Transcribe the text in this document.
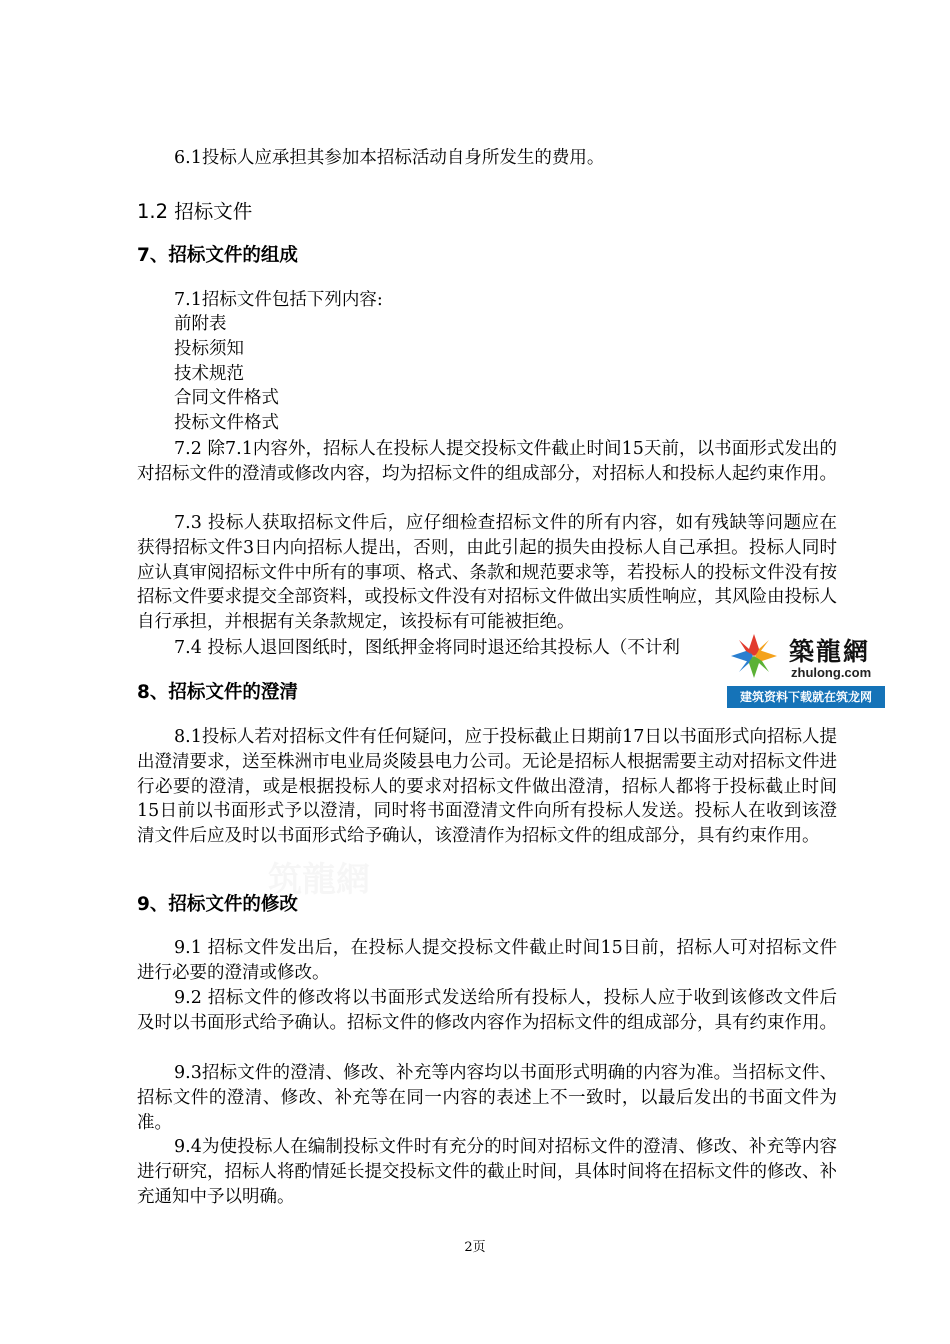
6.1投标人应承担其参加本招标活动自身所发生的费用。

1.2 招标文件
7、招标文件的组成

7.1招标文件包括下列内容:

前附表
投标须知
技术规范
合同文件格式
投标文件格式

7.2 除7.1内容外，招标人在投标人提交投标文件截止时间15天前，以书面形式发出的对招标文件的澄清或修改内容，均为招标文件的组成部分，对招标人和投标人起约束作用。

7.3 投标人获取招标文件后，应仔细检查招标文件的所有内容，如有残缺等问题应在获得招标文件3日内向招标人提出，否则，由此引起的损失由投标人自己承担。投标人同时应认真审阅招标文件中所有的事项、格式、条款和规范要求等，若投标人的投标文件没有按招标文件要求提交全部资料，或投标文件没有对招标文件做出实质性响应，其风险由投标人自行承担，并根据有关条款规定，该投标有可能被拒绝。

7.4 投标人退回图纸时，图纸押金将同时退还给其投标人（不计利

8、招标文件的澄清

8.1投标人若对招标文件有任何疑问，应于投标截止日期前17日以书面形式向招标人提出澄清要求，送至株洲市电业局炎陵县电力公司。无论是招标人根据需要主动对招标文件进行必要的澄清，或是根据投标人的要求对招标文件做出澄清，招标人都将于投标截止时间15日前以书面形式予以澄清，同时将书面澄清文件向所有投标人发送。投标人在收到该澄清文件后应及时以书面形式给予确认，该澄清作为招标文件的组成部分，具有约束作用。

9、招标文件的修改

9.1 招标文件发出后，在投标人提交投标文件截止时间15日前，招标人可对招标文件进行必要的澄清或修改。

9.2 招标文件的修改将以书面形式发送给所有投标人，投标人应于收到该修改文件后及时以书面形式给予确认。招标文件的修改内容作为招标文件的组成部分，具有约束作用。

9.3招标文件的澄清、修改、补充等内容均以书面形式明确的内容为准。当招标文件、招标文件的澄清、修改、补充等在同一内容的表述上不一致时，以最后发出的书面文件为准。

9.4为使投标人在编制投标文件时有充分的时间对招标文件的澄清、修改、补充等内容进行研究，招标人将酌情延长提交投标文件的截止时间，具体时间将在招标文件的修改、补充通知中予以明确。

2页
築龍網
zhulong.com
建筑资料下载就在筑龙网
